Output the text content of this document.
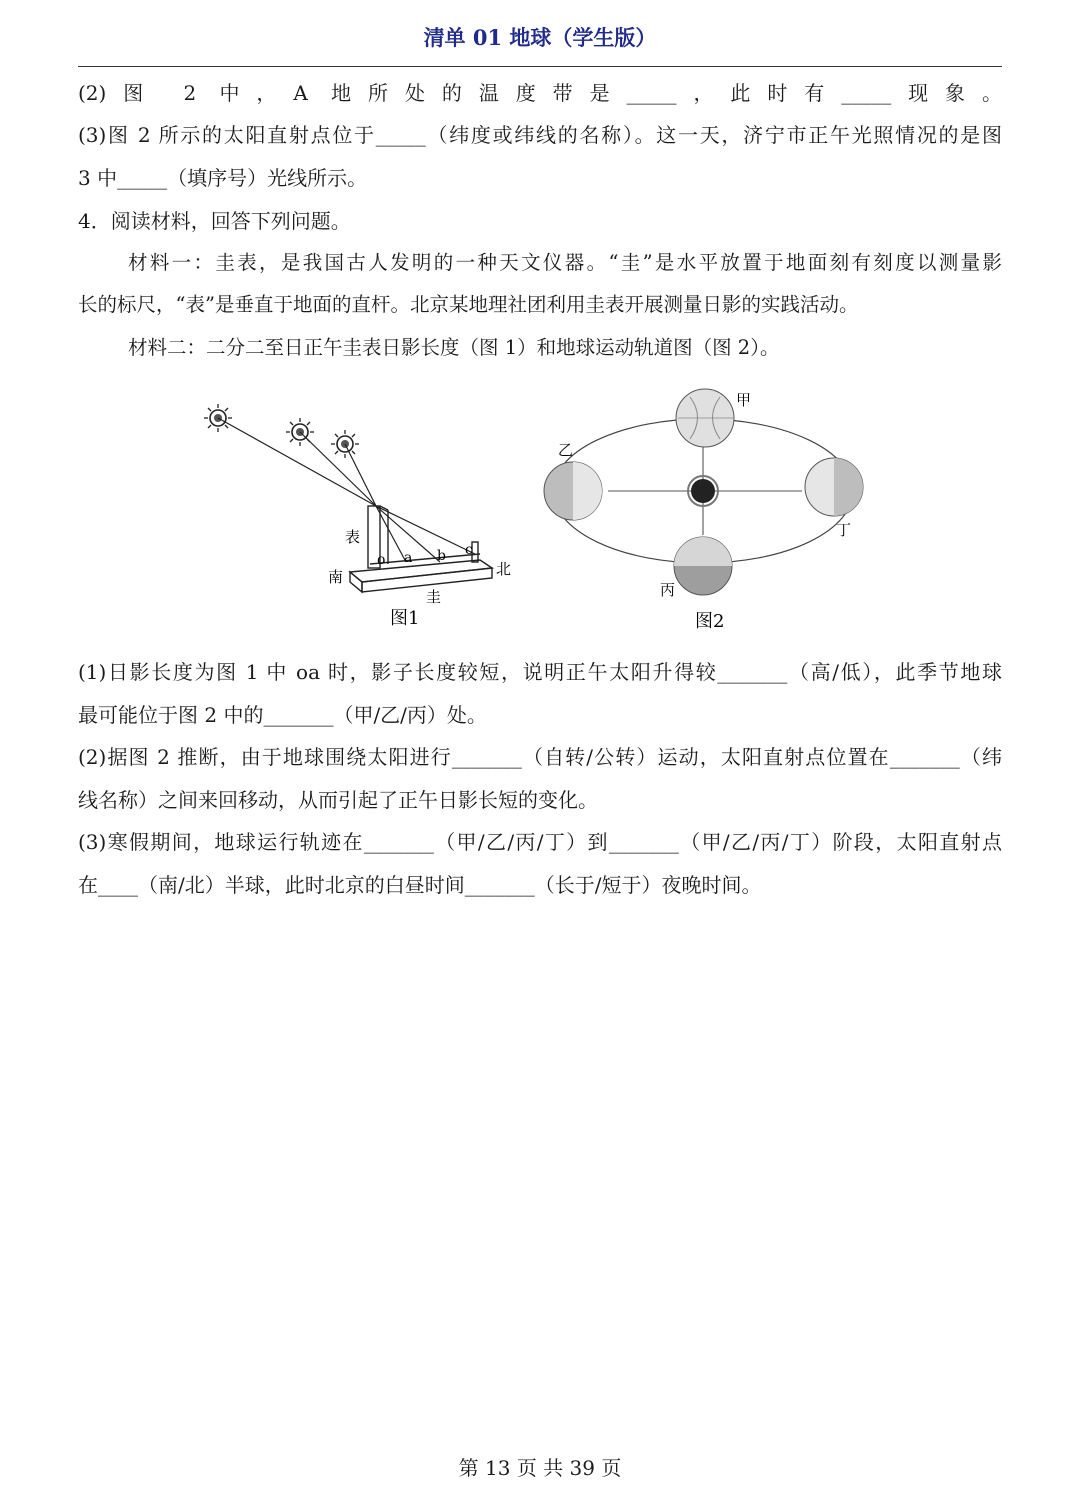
清单 01 地球（学生版）
(2)图 2 中，A 地所处的温度带是_____，此时有_____现象。
(3)图 2 所示的太阳直射点位于_____（纬度或纬线的名称）。这一天，济宁市正午光照情况的是图
3 中_____（填序号）光线所示。
4．阅读材料，回答下列问题。
材料一：圭表，是我国古人发明的一种天文仪器。“圭”是水平放置于地面刻有刻度以测量影
长的标尺，“表”是垂直于地面的直杆。北京某地理社团利用圭表开展测量日影的实践活动。
材料二：二分二至日正午圭表日影长度（图 1）和地球运动轨道图（图 2）。
表
南	北
圭
o a b c
图1
甲
乙
丙
丁
图2
(1)日影长度为图 1 中 oa 时，影子长度较短，说明正午太阳升得较_______（高/低），此季节地球
最可能位于图 2 中的_______（甲/乙/丙）处。
(2)据图 2 推断，由于地球围绕太阳进行_______（自转/公转）运动，太阳直射点位置在_______（纬
线名称）之间来回移动，从而引起了正午日影长短的变化。
(3)寒假期间，地球运行轨迹在_______（甲/乙/丙/丁）到_______（甲/乙/丙/丁）阶段，太阳直射点
在____（南/北）半球，此时北京的白昼时间_______（长于/短于）夜晚时间。
第 13 页 共 39 页
